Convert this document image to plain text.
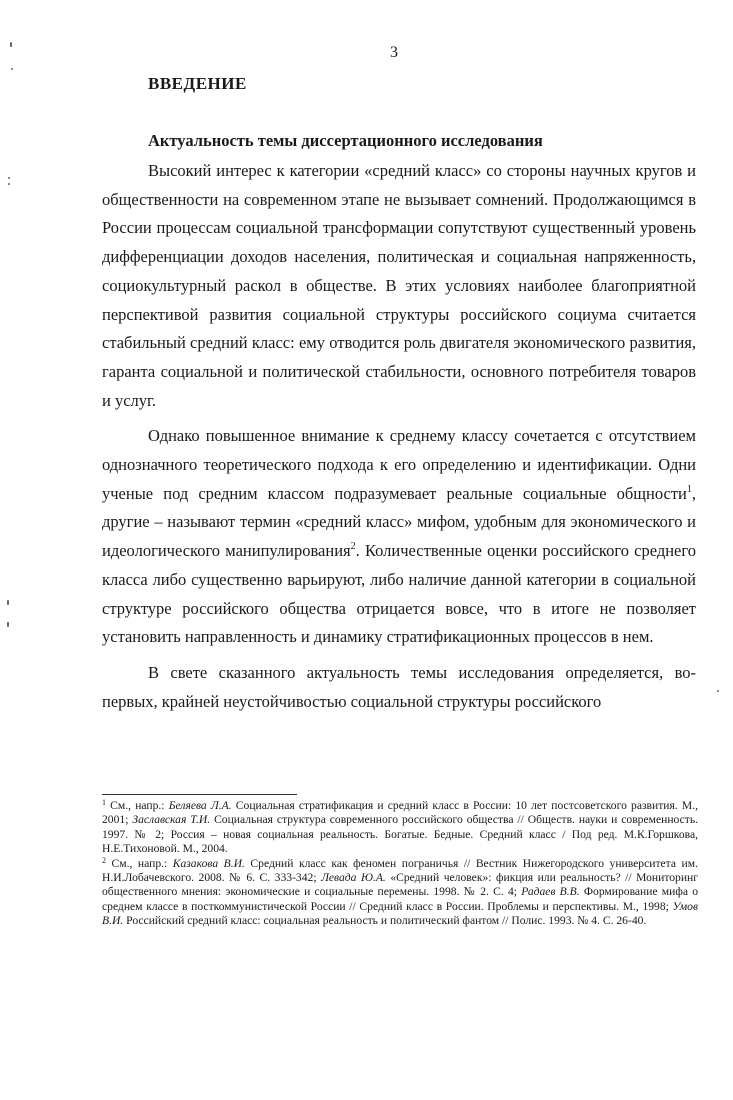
3
ВВЕДЕНИЕ
Актуальность темы диссертационного исследования

Высокий интерес к категории «средний класс» со стороны научных кругов и общественности на современном этапе не вызывает сомнений. Продолжающимся в России процессам социальной трансформации сопутствуют существенный уровень дифференциации доходов населения, политическая и социальная напряженность, социокультурный раскол в обществе. В этих условиях наиболее благоприятной перспективой развития социальной структуры российского социума считается стабильный средний класс: ему отводится роль двигателя экономического развития, гаранта социальной и политической стабильности, основного потребителя товаров и услуг.

Однако повышенное внимание к среднему классу сочетается с отсутствием однозначного теоретического подхода к его определению и идентификации. Одни ученые под средним классом подразумевает реальные социальные общности$^1$, другие – называют термин «средний класс» мифом, удобным для экономического и идеологического манипулирования$^2$. Количественные оценки российского среднего класса либо существенно варьируют, либо наличие данной категории в социальной структуре российского общества отрицается вовсе, что в итоге не позволяет установить направленность и динамику стратификационных процессов в нем.

В свете сказанного актуальность темы исследования определяется, во-первых, крайней неустойчивостью социальной структуры российского

$^1$ См., напр.: Беляева Л.А. Социальная стратификация и средний класс в России: 10 лет постсоветского развития. М., 2001; Заславская Т.И. Социальная структура современного российского общества // Обществ. науки и современность. 1997. № 2; Россия – новая социальная реальность. Богатые. Бедные. Средний класс / Под ред. М.К.Горшкова, Н.Е.Тихоновой. М., 2004.

$^2$ См., напр.: Казакова В.И. Средний класс как феномен пограничья // Вестник Нижегородского университета им. Н.И.Лобачевского. 2008. № 6. С. 333-342; Левада Ю.А. «Средний человек»: фикция или реальность? // Мониторинг общественного мнения: экономические и социальные перемены. 1998. № 2. С. 4; Радаев В.В. Формирование мифа о среднем классе в посткоммунистической России // Средний класс в России. Проблемы и перспективы. М., 1998; Умов В.И. Российский средний класс: социальная реальность и политический фантом // Полис. 1993. № 4. С. 26-40.
